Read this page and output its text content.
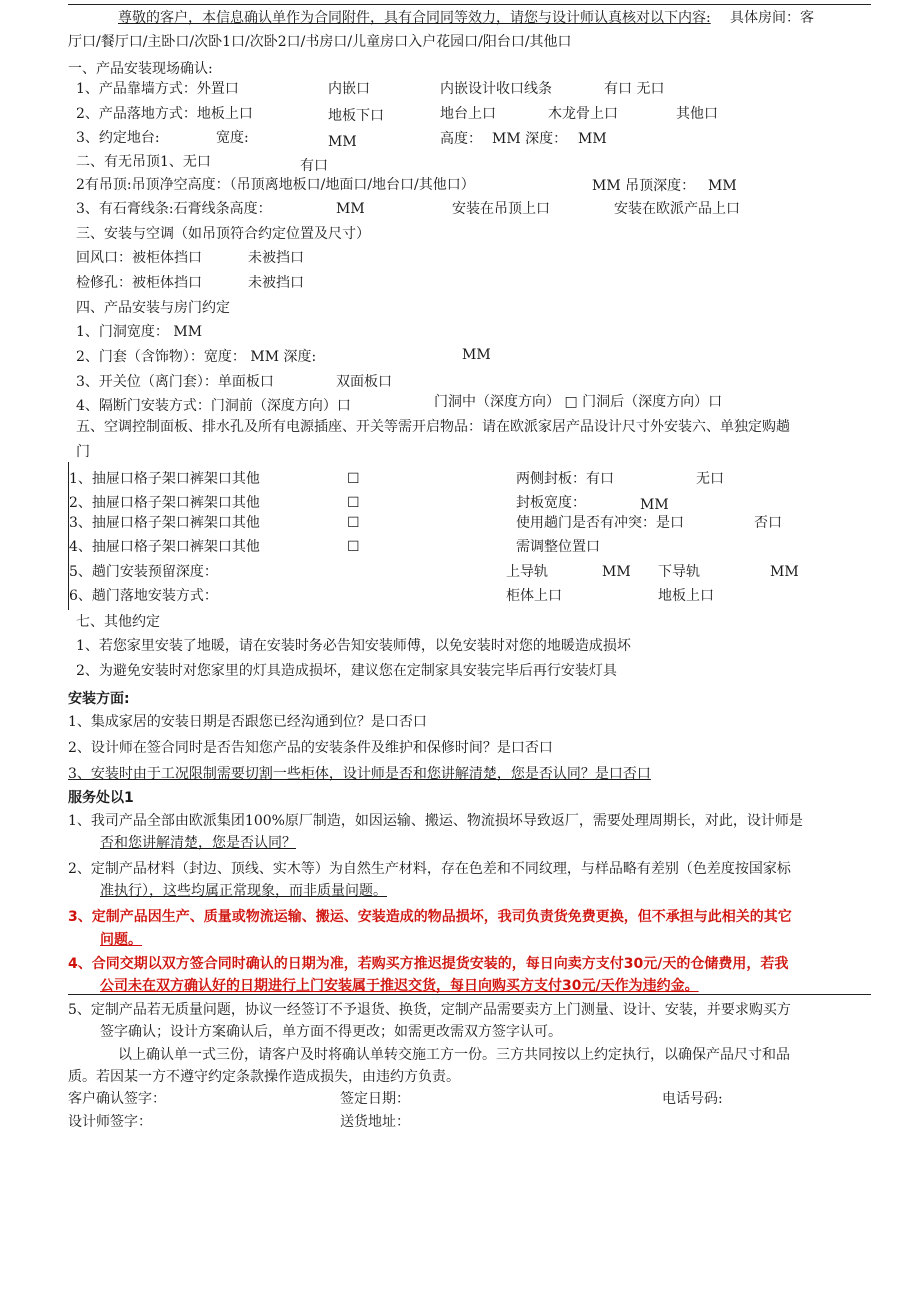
尊敬的客户，本信息确认单作为合同附件，具有合同同等效力，请您与设计师认真核对以下内容: 具体房间：客
厅口/餐厅口/主卧口/次卧1口/次卧2口/书房口/儿童房口入户花园口/阳台口/其他口
一、产品安装现场确认:
1、产品靠墙方式：外置口	内嵌口	内嵌设计收口线条	有口 无口
2、产品落地方式：地板上口	地板下口	地台上口	木龙骨上口	其他口
3、约定地台:	宽度:	MM	高度： MM 深度： MM
二、有无吊顶1、无口	有口
2有吊顶:吊顶净空高度：（吊顶离地板口/地面口/地台口/其他口）	MM 吊顶深度： MM
3、有石膏线条:石膏线条高度：	MM	安装在吊顶上口	安装在欧派产品上口
三、安装与空调（如吊顶符合约定位置及尺寸）
回风口：被柜体挡口	未被挡口
检修孔：被柜体挡口	未被挡口
四、产品安装与房门约定
1、门洞宽度： MM
2、门套（含饰物）：宽度： MM 深度:	MM
3、开关位（离门套）：单面板口	双面板口
4、隔断门安装方式：门洞前（深度方向）口	门洞中（深度方向） □ 门洞后（深度方向）口
五、空调控制面板、排水孔及所有电源插座、开关等需开启物品：请在欧派家居产品设计尺寸外安装六、单独定购趟
门
1、抽屉口格子架口裤架口其他	☐	两侧封板：有口	无口
2、抽屉口格子架口裤架口其他	☐	封板宽度：	MM
3、抽屉口格子架口裤架口其他	☐	使用趟门是否有冲突：是口	否口
4、抽屉口格子架口裤架口其他	☐	需调整位置口
5、趟门安装预留深度：	上导轨	MM 下导轨	MM
6、趟门落地安装方式：	柜体上口	地板上口
七、其他约定
1、若您家里安装了地暖，请在安装时务必告知安装师傅，以免安装时对您的地暖造成损坏
2、为避免安装时对您家里的灯具造成损坏，建议您在定制家具安装完毕后再行安装灯具
安装方面:
1、集成家居的安装日期是否跟您已经沟通到位？是口否口
2、设计师在签合同时是否告知您产品的安装条件及维护和保修时间？是口否口
3、安装时由于工况限制需要切割一些柜体，设计师是否和您讲解清楚，您是否认同？是口否口
服务处以1
1、我司产品全部由欧派集团100%原厂制造，如因运输、搬运、物流损坏导致返厂，需要处理周期长，对此，设计师是
否和您讲解清楚，您是否认同？
2、定制产品材料（封边、顶线、实木等）为自然生产材料，存在色差和不同纹理，与样品略有差别（色差度按国家标
准执行），这些均属正常现象，而非质量问题。
3、定制产品因生产、质量或物流运输、搬运、安装造成的物品损坏，我司负责货免费更换，但不承担与此相关的其它
问题。
4、合同交期以双方签合同时确认的日期为准，若购买方推迟提货安装的，每日向卖方支付30元/天的仓储费用，若我
公司未在双方确认好的日期进行上门安装属于推迟交货，每日向购买方支付30元/天作为违约金。
5、定制产品若无质量问题，协议一经签订不予退货、换货，定制产品需要卖方上门测量、设计、安装，并要求购买方
签字确认；设计方案确认后，单方面不得更改；如需更改需双方签字认可。
以上确认单一式三份，请客户及时将确认单转交施工方一份。三方共同按以上约定执行，以确保产品尺寸和品
质。若因某一方不遵守约定条款操作造成损失，由违约方负责。
客户确认签字：	签定日期：	电话号码:
设计师签字：	送货地址：
